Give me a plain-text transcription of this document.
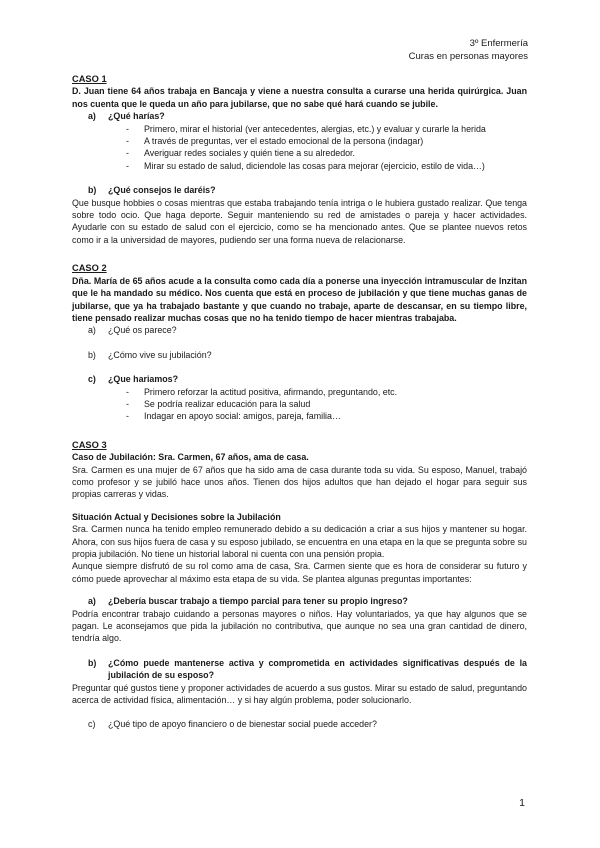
3º Enfermería
Curas en personas mayores

CASO 1

D. Juan tiene 64 años trabaja en Bancaja y viene a nuestra consulta a curarse una herida quirúrgica. Juan nos cuenta que le queda un año para jubilarse, que no sabe qué hará cuando se jubile.

a) ¿Qué harías?

- Primero, mirar el historial (ver antecedentes, alergias, etc.) y evaluar y curarle la herida
- A través de preguntas, ver el estado emocional de la persona (indagar)
- Averiguar redes sociales y quién tiene a su alrededor.
- Mirar su estado de salud, diciendole las cosas para mejorar (ejercicio, estilo de vida…)

b) ¿Qué consejos le daréis?

Que busque hobbies o cosas mientras que estaba trabajando tenía intriga o le hubiera gustado realizar. Que tenga sobre todo ocio. Que haga deporte. Seguir manteniendo su red de amistades o pareja y hacer actividades. Ayudarle con su estado de salud con el ejercicio, como se ha mencionado antes. Que se plantee nuevos retos como ir a la universidad de mayores, pudiendo ser una forma nueva de relacionarse.

CASO 2

Dña. María de 65 años acude a la consulta como cada día a ponerse una inyección intramuscular de Inzitan que le ha mandado su médico. Nos cuenta que está en proceso de jubilación y que tiene muchas ganas de jubilarse, que ya ha trabajado bastante y que cuando no trabaje, aparte de descansar, en su tiempo libre, tiene pensado realizar muchas cosas que no ha tenido tiempo de hacer mientras trabajaba.

a) ¿Qué os parece?

b) ¿Cómo vive su jubilación?

c) ¿Que hariamos?

- Primero reforzar la actitud positiva, afirmando, preguntando, etc.
- Se podría realizar educación para la salud
- Indagar en apoyo social: amigos, pareja, familia…

CASO 3

Caso de Jubilación: Sra. Carmen, 67 años, ama de casa.

Sra. Carmen es una mujer de 67 años que ha sido ama de casa durante toda su vida. Su esposo, Manuel, trabajó como profesor y se jubiló hace unos años. Tienen dos hijos adultos que han dejado el hogar para seguir sus propias carreras y vidas.

Situación Actual y Decisiones sobre la Jubilación

Sra. Carmen nunca ha tenido empleo remunerado debido a su dedicación a criar a sus hijos y mantener su hogar. Ahora, con sus hijos fuera de casa y su esposo jubilado, se encuentra en una etapa en la que se pregunta sobre su propia jubilación. No tiene un historial laboral ni cuenta con una pensión propia.

Aunque siempre disfrutó de su rol como ama de casa, Sra. Carmen siente que es hora de considerar su futuro y cómo puede aprovechar al máximo esta etapa de su vida. Se plantea algunas preguntas importantes:

a) ¿Debería buscar trabajo a tiempo parcial para tener su propio ingreso?

Podría encontrar trabajo cuidando a personas mayores o niños. Hay voluntariados, ya que hay algunos que se pagan. Le aconsejamos que pida la jubilación no contributiva, que aunque no sea una gran cantidad de dinero, tendría algo.

b) ¿Cómo puede mantenerse activa y comprometida en actividades significativas después de la jubilación de su esposo?

Preguntar qué gustos tiene y proponer actividades de acuerdo a sus gustos. Mirar su estado de salud, preguntando acerca de actividad física, alimentación… y si hay algún problema, poder solucionarlo.

c) ¿Qué tipo de apoyo financiero o de bienestar social puede acceder?

1
